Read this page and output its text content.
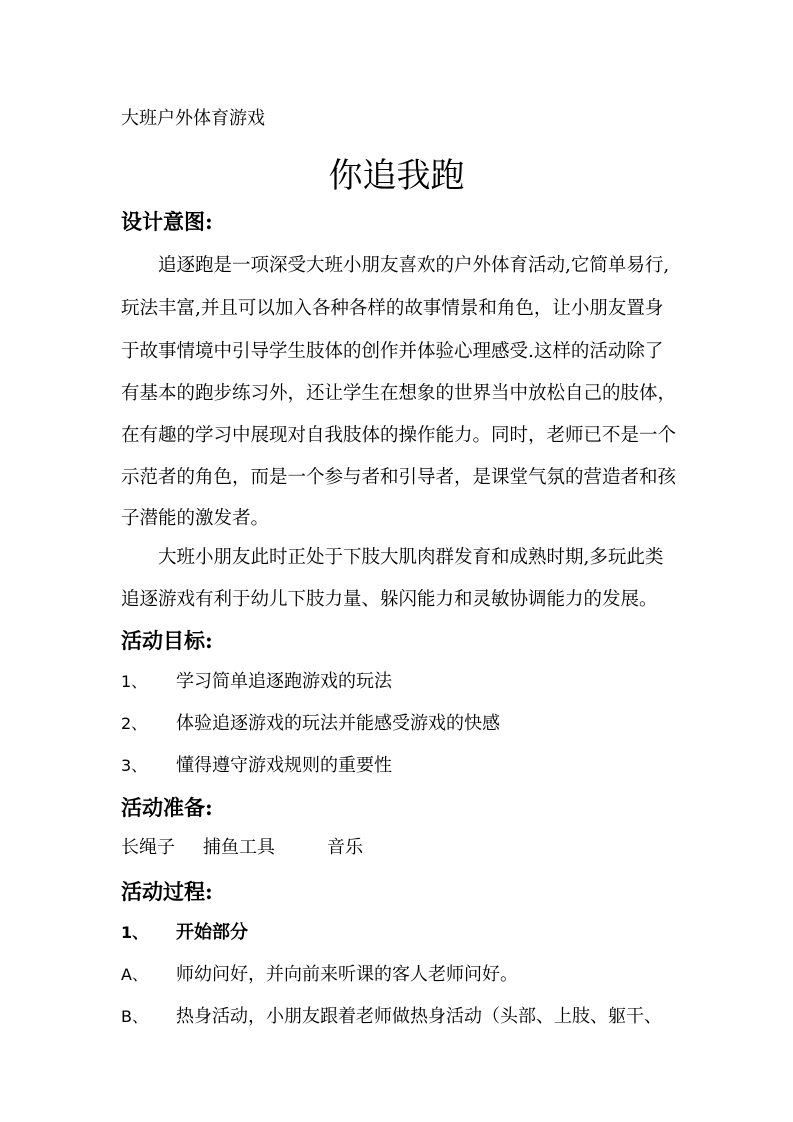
大班户外体育游戏
你追我跑
设计意图:
追逐跑是一项深受大班小朋友喜欢的户外体育活动,它简单易行,
玩法丰富,并且可以加入各种各样的故事情景和角色，让小朋友置身
于故事情境中引导学生肢体的创作并体验心理感受.这样的活动除了
有基本的跑步练习外，还让学生在想象的世界当中放松自己的肢体，
在有趣的学习中展现对自我肢体的操作能力。同时，老师已不是一个
示范者的角色，而是一个参与者和引导者，是课堂气氛的营造者和孩
子潜能的激发者。
大班小朋友此时正处于下肢大肌肉群发育和成熟时期,多玩此类
追逐游戏有利于幼儿下肢力量、躲闪能力和灵敏协调能力的发展。
活动目标:
1、 学习简单追逐跑游戏的玩法
2、 体验追逐游戏的玩法并能感受游戏的快感
3、 懂得遵守游戏规则的重要性
活动准备:
长绳子 捕鱼工具	音乐
活动过程:
1、 开始部分
A、 师幼问好，并向前来听课的客人老师问好。
B、 热身活动，小朋友跟着老师做热身活动（头部、上肢、躯干、
